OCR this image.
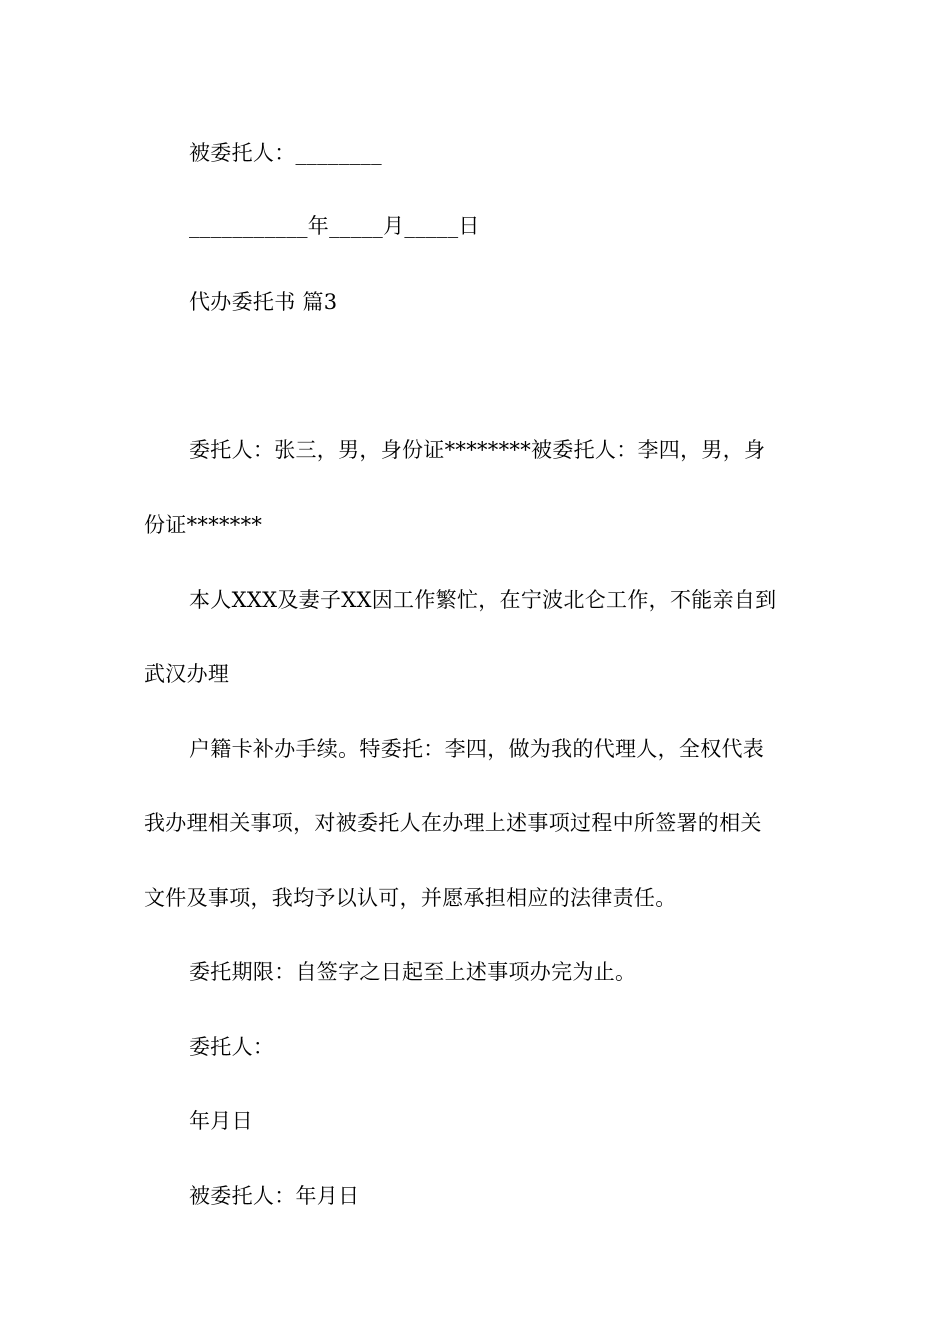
被委托人：________
___________年_____月_____日
代办委托书 篇3
委托人：张三，男，身份证********被委托人：李四，男，身
份证*******
本人XXX及妻子XX因工作繁忙，在宁波北仑工作，不能亲自到
武汉办理
户籍卡补办手续。特委托：李四，做为我的代理人，全权代表
我办理相关事项，对被委托人在办理上述事项过程中所签署的相关
文件及事项，我均予以认可，并愿承担相应的法律责任。
委托期限：自签字之日起至上述事项办完为止。
委托人：
年月日
被委托人：年月日
